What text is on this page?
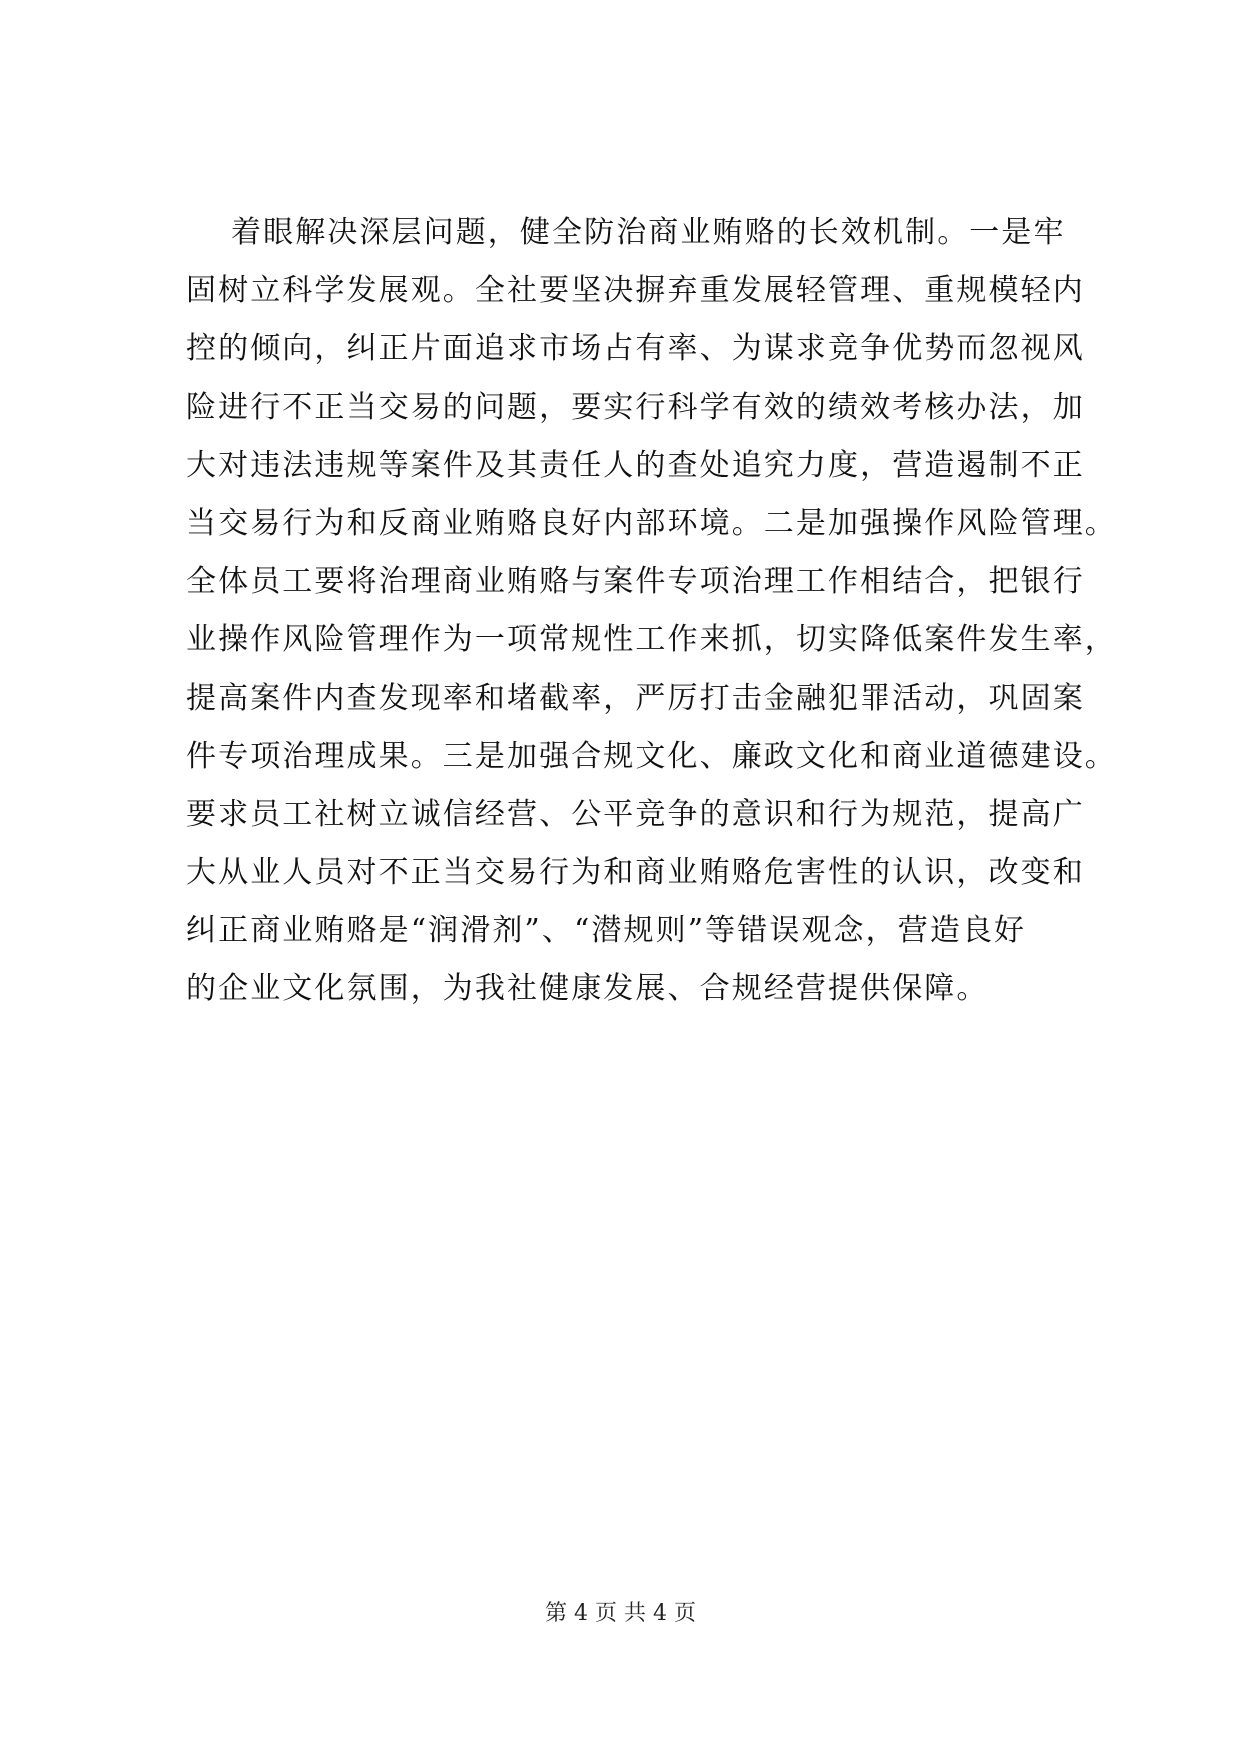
着眼解决深层问题，健全防治商业贿赂的长效机制。一是牢
固树立科学发展观。全社要坚决摒弃重发展轻管理、重规模轻内
控的倾向，纠正片面追求市场占有率、为谋求竞争优势而忽视风
险进行不正当交易的问题，要实行科学有效的绩效考核办法，加
大对违法违规等案件及其责任人的查处追究力度，营造遏制不正
当交易行为和反商业贿赂良好内部环境。二是加强操作风险管理。
全体员工要将治理商业贿赂与案件专项治理工作相结合，把银行
业操作风险管理作为一项常规性工作来抓，切实降低案件发生率，
提高案件内查发现率和堵截率，严厉打击金融犯罪活动，巩固案
件专项治理成果。三是加强合规文化、廉政文化和商业道德建设。
要求员工社树立诚信经营、公平竞争的意识和行为规范，提高广
大从业人员对不正当交易行为和商业贿赂危害性的认识，改变和
纠正商业贿赂是“润滑剂”、“潜规则”等错误观念，营造良好
的企业文化氛围，为我社健康发展、合规经营提供保障。
第 4 页 共 4 页
